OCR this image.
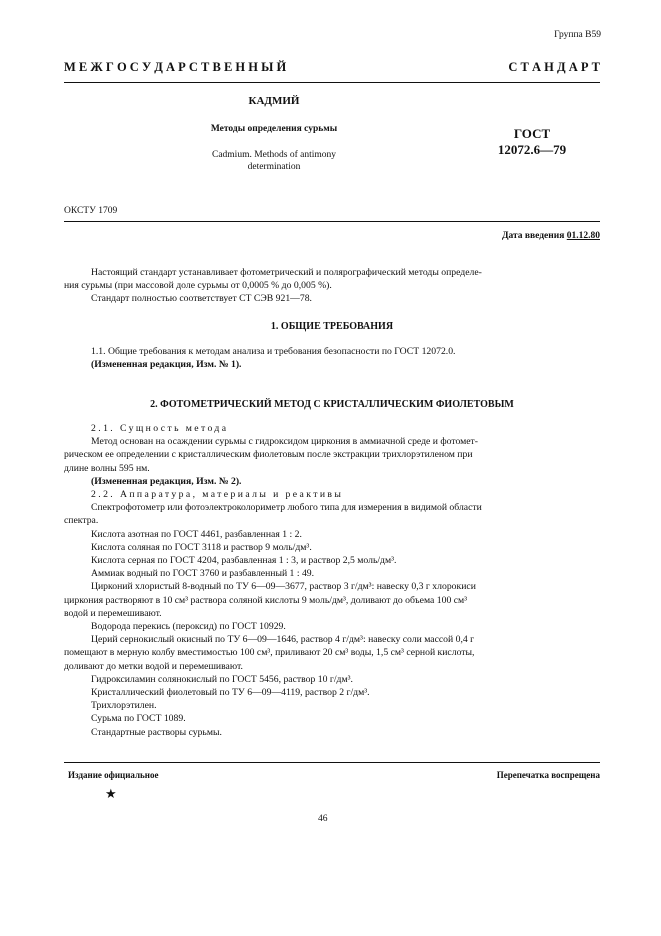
Группа В59
М Е Ж Г О С У Д А Р С Т В Е Н Н Ы Й	С Т А Н Д А Р Т
КАДМИЙ
Методы определения сурьмы
Cadmium. Methods of antimony
determination
ГОСТ
12072.6—79
ОКСТУ 1709
Дата введения 01.12.80
Настоящий стандарт устанавливает фотометрический и полярографический методы определе-
ния сурьмы (при массовой доле сурьмы от 0,0005 % до 0,005 %).
Стандарт полностью соответствует СТ СЭВ 921—78.
1. ОБЩИЕ ТРЕБОВАНИЯ
1.1. Общие требования к методам анализа и требования безопасности по ГОСТ 12072.0.
(Измененная редакция, Изм. № 1).
2. ФОТОМЕТРИЧЕСКИЙ МЕТОД С КРИСТАЛЛИЧЕСКИМ ФИОЛЕТОВЫМ
2.1. Сущность метода
Метод основан на осаждении сурьмы с гидроксидом циркония в аммиачной среде и фотомет-
рическом ее определении с кристаллическим фиолетовым после экстракции трихлорэтиленом при
длине волны 595 нм.
(Измененная редакция, Изм. № 2).
2.2. Аппаратура, материалы и реактивы
Спектрофотометр или фотоэлектроколориметр любого типа для измерения в видимой области
спектра.
Кислота азотная по ГОСТ 4461, разбавленная 1 : 2.
Кислота соляная по ГОСТ 3118 и раствор 9 моль/дм³.
Кислота серная по ГОСТ 4204, разбавленная 1 : 3, и раствор 2,5 моль/дм³.
Аммиак водный по ГОСТ 3760 и разбавленный 1 : 49.
Цирконий хлористый 8-водный по ТУ 6—09—3677, раствор 3 г/дм³: навеску 0,3 г хлорокиси
циркония растворяют в 10 см³ раствора соляной кислоты 9 моль/дм³, доливают до объема 100 см³
водой и перемешивают.
Водорода перекись (пероксид) по ГОСТ 10929.
Церий сернокислый окисный по ТУ 6—09—1646, раствор 4 г/дм³: навеску соли массой 0,4 г
помещают в мерную колбу вместимостью 100 см³, приливают 20 см³ воды, 1,5 см³ серной кислоты,
доливают до метки водой и перемешивают.
Гидроксиламин солянокислый по ГОСТ 5456, раствор 10 г/дм³.
Кристаллический фиолетовый по ТУ 6—09—4119, раствор 2 г/дм³.
Трихлорэтилен.
Сурьма по ГОСТ 1089.
Стандартные растворы сурьмы.
Издание официальное	Перепечатка воспрещена
★
46
